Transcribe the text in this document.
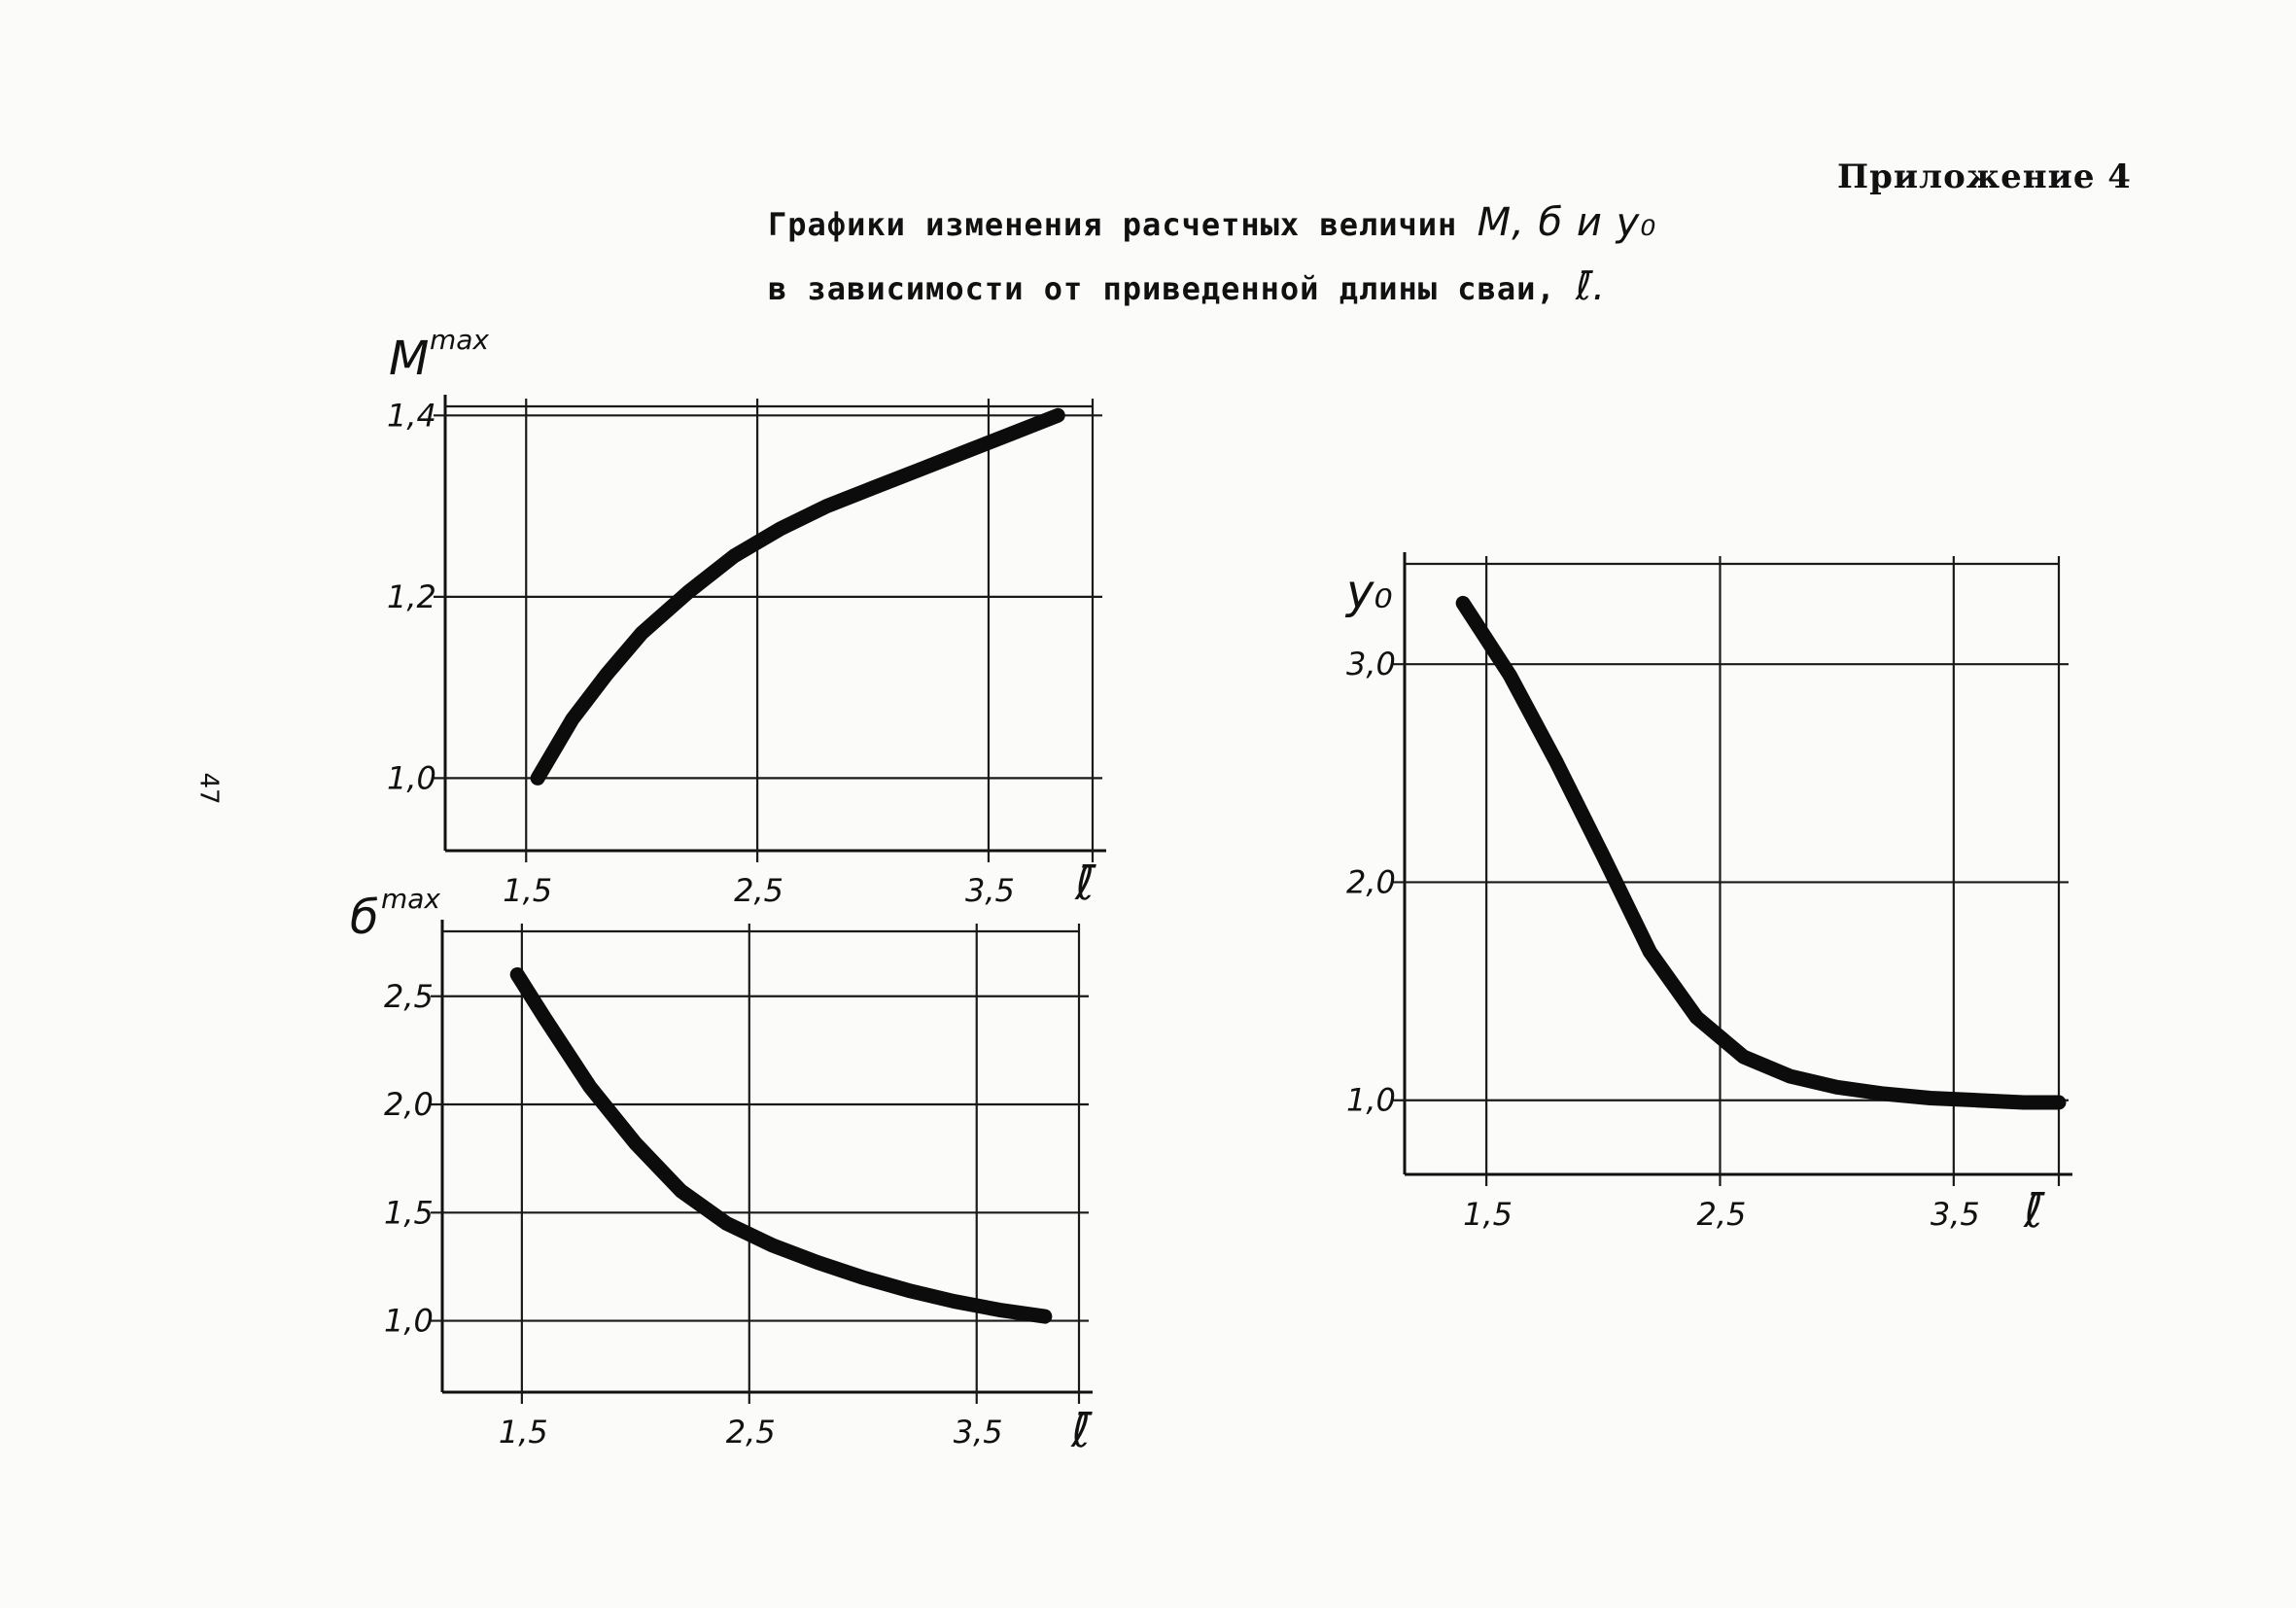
Приложение 4
Графики изменения расчетных величин M, б и y₀
в зависимости от приведенной длины сваи, ℓ̄.
47
1,5	2,5	3,5
1,0
1,2
1,4
M max
ℓ̄
1,5	2,5	3,5
1,0
1,5
2,0
2,5
б max
ℓ̄
1,5	2,5	3,5
1,0
2,0
3,0
y₀
ℓ̄
